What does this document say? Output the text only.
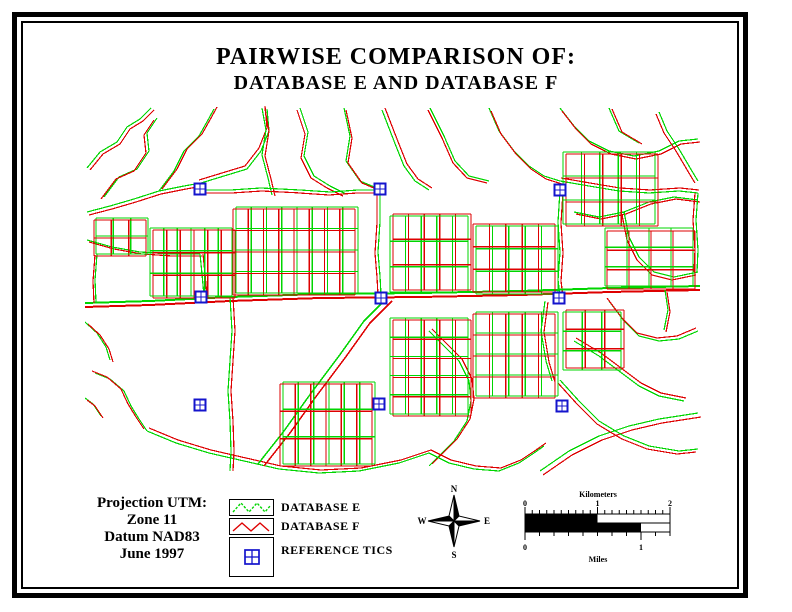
PAIRWISE COMPARISON OF:
DATABASE E AND DATABASE F
Projection UTM:
Zone 11
Datum NAD83
June 1997
DATABASE E
DATABASE F
REFERENCE TICS
N
E
S
W
Kilometers
0	1	2
0	1
Miles
